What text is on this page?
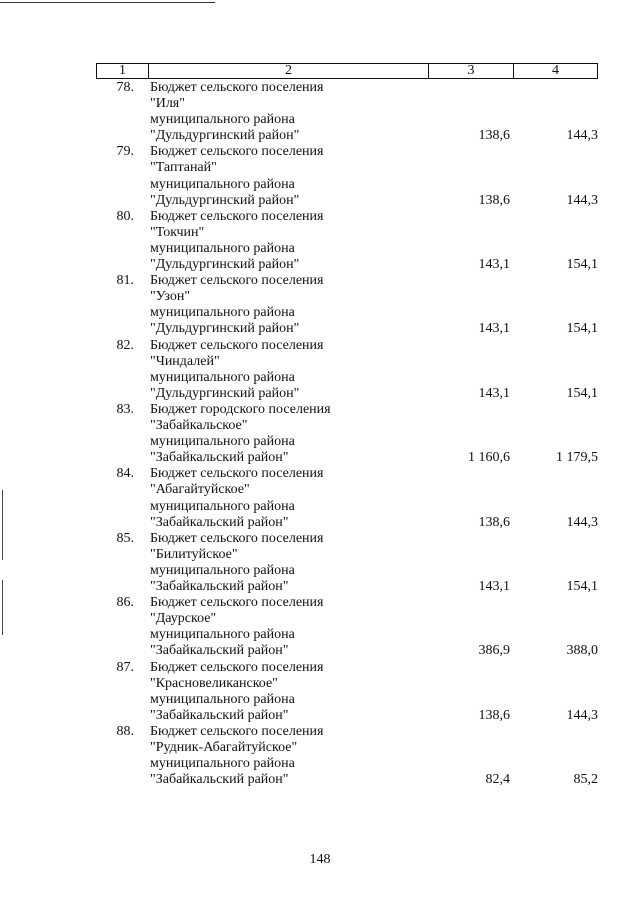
1	2	3	4
78. Бюджет сельского поселения
"Иля"
муниципального района
"Дульдургинский район"	138,6	144,3
79. Бюджет сельского поселения
"Таптанай"
муниципального района
"Дульдургинский район"	138,6	144,3
80. Бюджет сельского поселения
"Токчин"
муниципального района
"Дульдургинский район"	143,1	154,1
81. Бюджет сельского поселения
"Узон"
муниципального района
"Дульдургинский район"	143,1	154,1
82. Бюджет сельского поселения
"Чиндалей"
муниципального района
"Дульдургинский район"	143,1	154,1
83. Бюджет городского поселения
"Забайкальское"
муниципального района
"Забайкальский район"	1 160,6	1 179,5
84. Бюджет сельского поселения
"Абагайтуйское"
муниципального района
"Забайкальский район"	138,6	144,3
85. Бюджет сельского поселения
"Билитуйское"
муниципального района
"Забайкальский район"	143,1	154,1
86. Бюджет сельского поселения
"Даурское"
муниципального района
"Забайкальский район"	386,9	388,0
87. Бюджет сельского поселения
"Красновеликанское"
муниципального района
"Забайкальский район"	138,6	144,3
88. Бюджет сельского поселения
"Рудник-Абагайтуйское"
муниципального района
"Забайкальский район"	82,4	85,2
148
